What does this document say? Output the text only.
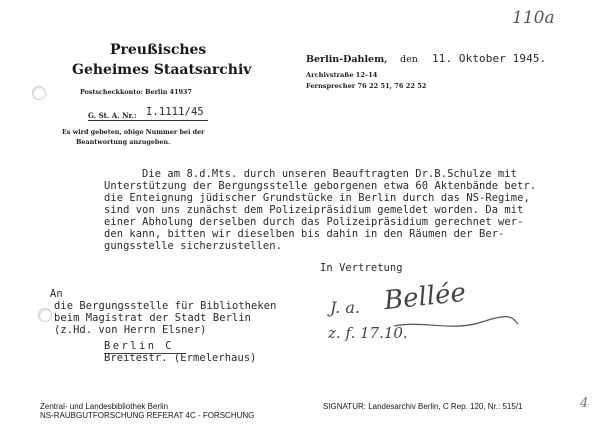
110a
Preußisches
Geheimes Staatsarchiv
Postscheckkonto: Berlin 41937
G. St. A. Nr.: I.1111/45
Es wird gebeten, obige Nummer bei der
Beantwortung anzugeben.
Berlin-Dahlem, den 11. Oktober 1945.
Archivstraße 12–14
Fernsprecher 76 22 51, 76 22 52
Die am 8.d.Mts. durch unseren Beauftragten Dr.B.Schulze mit
Unterstützung der Bergungsstelle geborgenen etwa 60 Aktenbände betr.
die Enteignung jüdischer Grundstücke in Berlin durch das NS-Regime,
sind von uns zunächst dem Polizeipräsidium gemeldet worden. Da mit
einer Abholung derselben durch das Polizeipräsidium gerechnet wer-
den kann, bitten wir dieselben bis dahin in den Räumen der Ber-
gungsstelle sicherzustellen.
In Vertretung
An
die Bergungsstelle für Bibliotheken
beim Magistrat der Stadt Berlin
(z.Hd. von Herrn Elsner)
Berlin C
Breitestr. (Ermelerhaus)
J. a. Bellée
z. f. 17.10.
Zentral- und Landesbibliothek Berlin
NS-RAUBGUTFORSCHUNG REFERAT 4C - FORSCHUNG
SIGNATUR: Landesarchiv Berlin, C Rep. 120, Nr.: 515/1	4
